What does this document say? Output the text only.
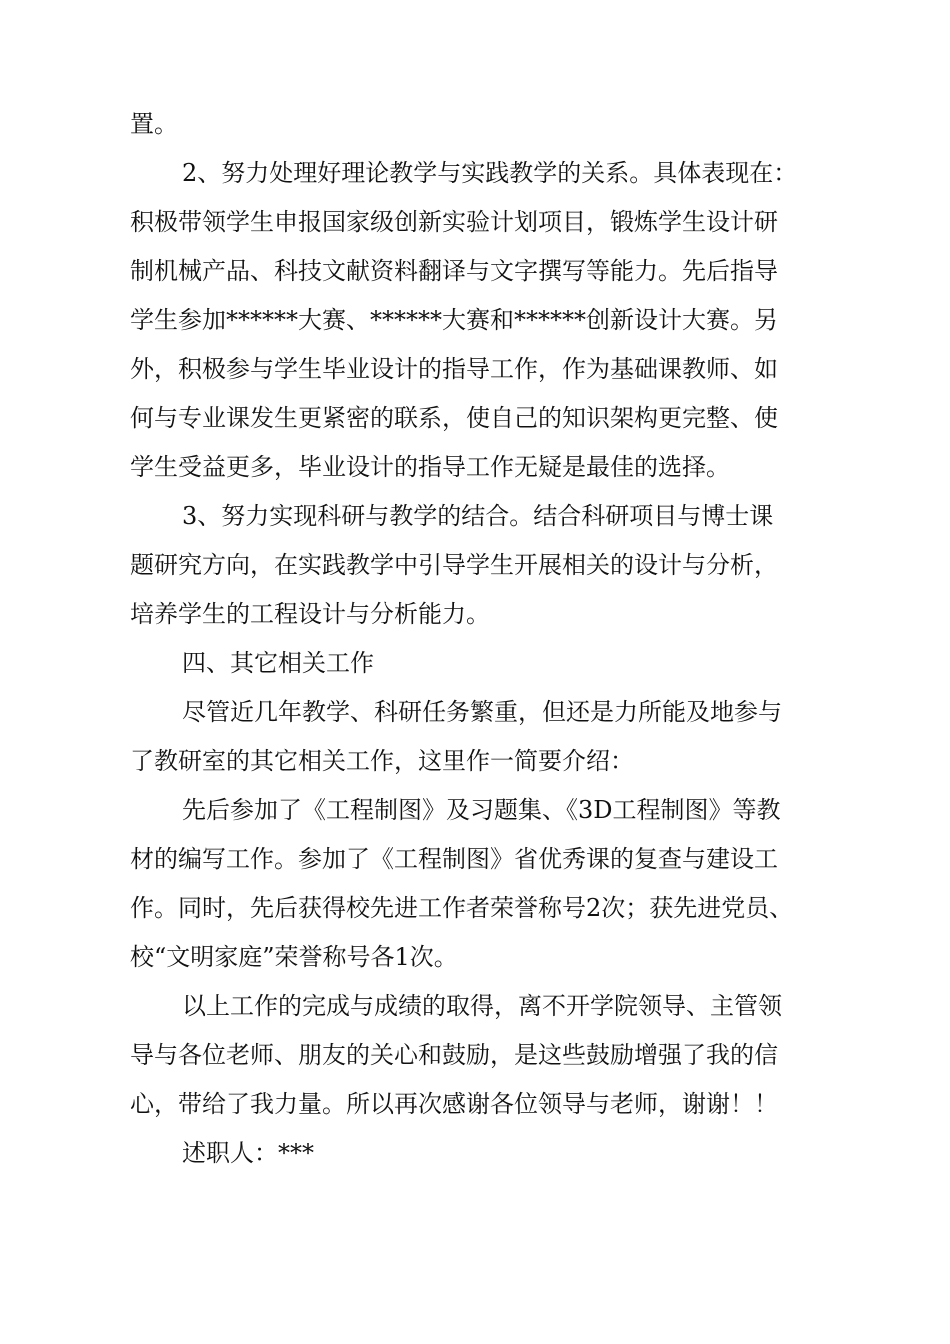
置。
2、努力处理好理论教学与实践教学的关系。具体表现在：
积极带领学生申报国家级创新实验计划项目，锻炼学生设计研
制机械产品、科技文献资料翻译与文字撰写等能力。先后指导
学生参加******大赛、******大赛和******创新设计大赛。另
外，积极参与学生毕业设计的指导工作，作为基础课教师、如
何与专业课发生更紧密的联系，使自己的知识架构更完整、使
学生受益更多，毕业设计的指导工作无疑是最佳的选择。
3、努力实现科研与教学的结合。结合科研项目与博士课
题研究方向，在实践教学中引导学生开展相关的设计与分析，
培养学生的工程设计与分析能力。
四、其它相关工作
尽管近几年教学、科研任务繁重，但还是力所能及地参与
了教研室的其它相关工作，这里作一简要介绍：
先后参加了《工程制图》及习题集、《3D工程制图》等教
材的编写工作。参加了《工程制图》省优秀课的复查与建设工
作。同时，先后获得校先进工作者荣誉称号2次；获先进党员、
校“文明家庭”荣誉称号各1次。
以上工作的完成与成绩的取得，离不开学院领导、主管领
导与各位老师、朋友的关心和鼓励，是这些鼓励增强了我的信
心，带给了我力量。所以再次感谢各位领导与老师，谢谢！！
述职人：***
